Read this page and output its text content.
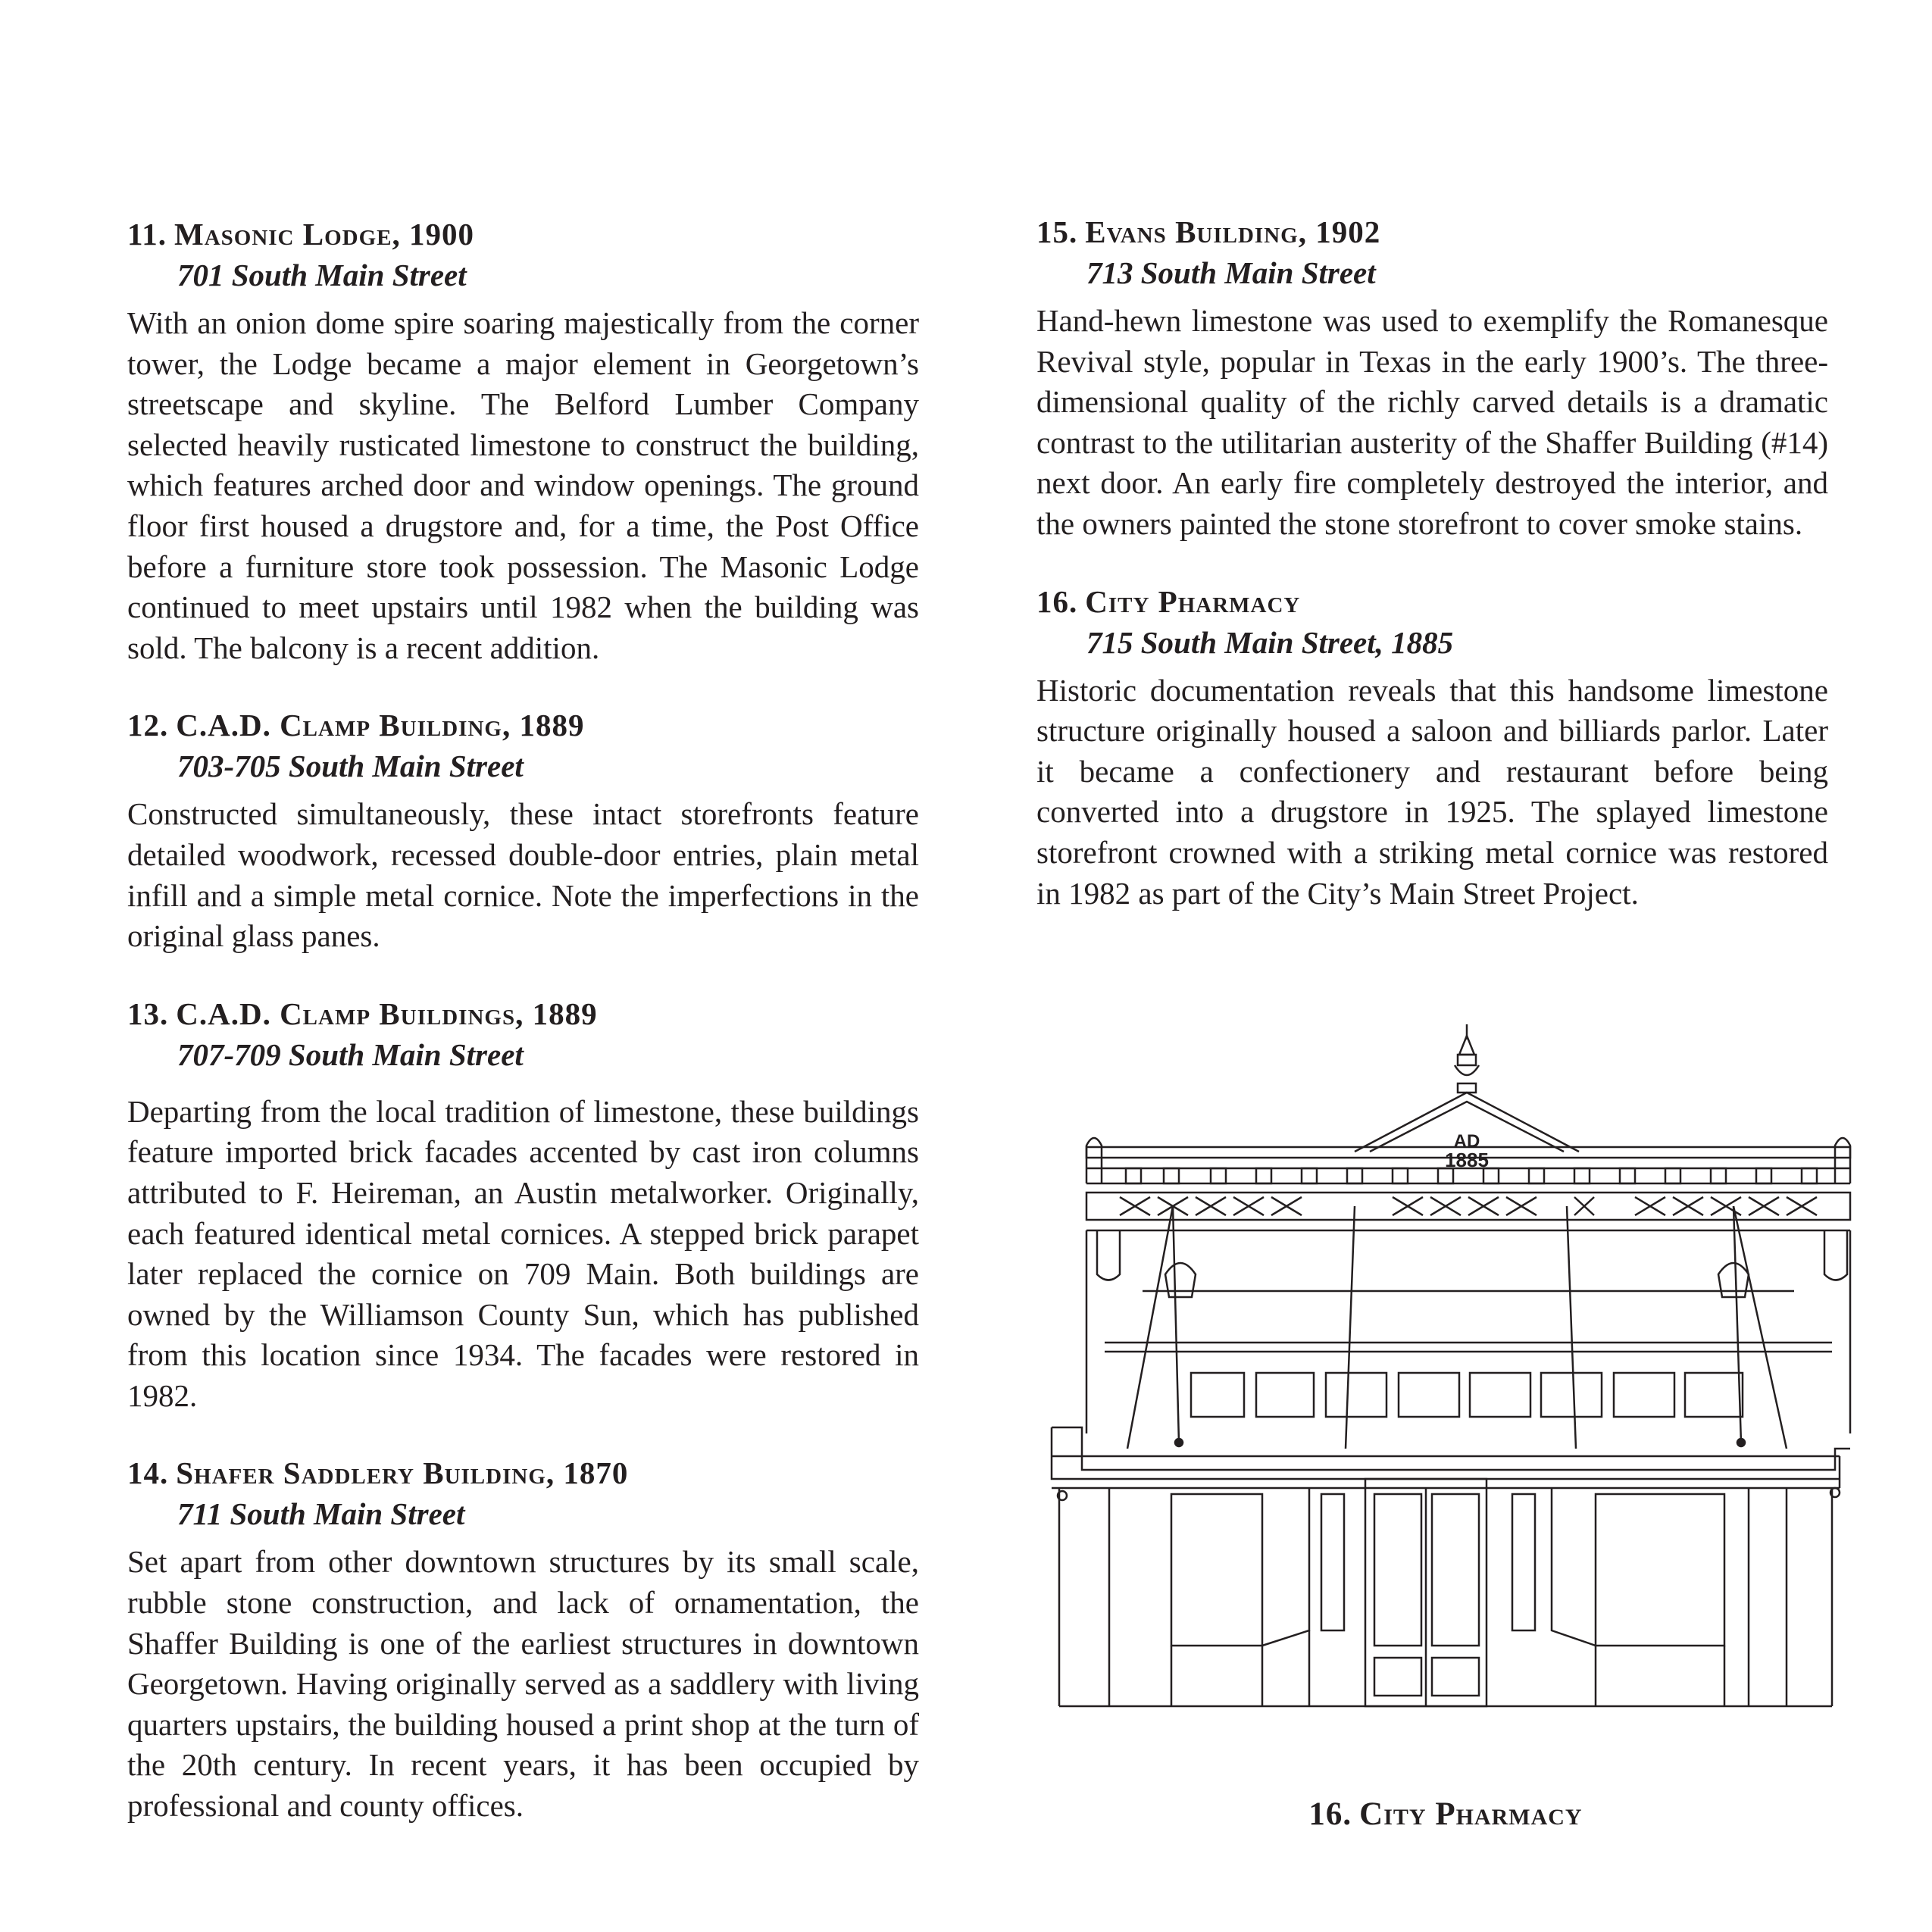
11. Masonic Lodge, 1900

701 South Main Street

With an onion dome spire soaring majestically from the corner tower, the Lodge became a major element in Georgetown’s streetscape and skyline. The Belford Lumber Company selected heavily rusticated limestone to construct the building, which features arched door and window openings. The ground floor first housed a drugstore and, for a time, the Post Office before a furniture store took possession. The Masonic Lodge continued to meet upstairs until 1982 when the building was sold. The balcony is a recent addition.

12. C.A.D. Clamp Building, 1889

703-705 South Main Street

Constructed simultaneously, these intact storefronts feature detailed woodwork, recessed double-door entries, plain metal infill and a simple metal cornice. Note the imperfections in the original glass panes.

13. C.A.D. Clamp Buildings, 1889

707-709 South Main Street

Departing from the local tradition of limestone, these buildings feature imported brick facades accented by cast iron columns attributed to F. Heireman, an Austin metalworker. Originally, each featured identical metal cornices. A stepped brick parapet later replaced the cornice on 709 Main. Both buildings are owned by the Williamson County Sun, which has published from this location since 1934. The facades were restored in 1982.

14. Shafer Saddlery Building, 1870

711 South Main Street

Set apart from other downtown structures by its small scale, rubble stone construction, and lack of ornamentation, the Shaffer Building is one of the earliest structures in downtown Georgetown. Having originally served as a saddlery with living quarters upstairs, the building housed a print shop at the turn of the 20th century. In recent years, it has been occupied by professional and county offices.

15. Evans Building, 1902

713 South Main Street

Hand-hewn limestone was used to exemplify the Romanesque Revival style, popular in Texas in the early 1900’s. The three-dimensional quality of the richly carved details is a dramatic contrast to the utilitarian austerity of the Shaffer Building (#14) next door. An early fire completely destroyed the interior, and the owners painted the stone storefront to cover smoke stains.

16. City Pharmacy

715 South Main Street, 1885

Historic documentation reveals that this handsome limestone structure originally housed a saloon and billiards parlor. Later it became a confectionery and restaurant before being converted into a drugstore in 1925. The splayed limestone storefront crowned with a striking metal cornice was restored in 1982 as part of the City’s Main Street Project.

AD
1885
16. City Pharmacy
